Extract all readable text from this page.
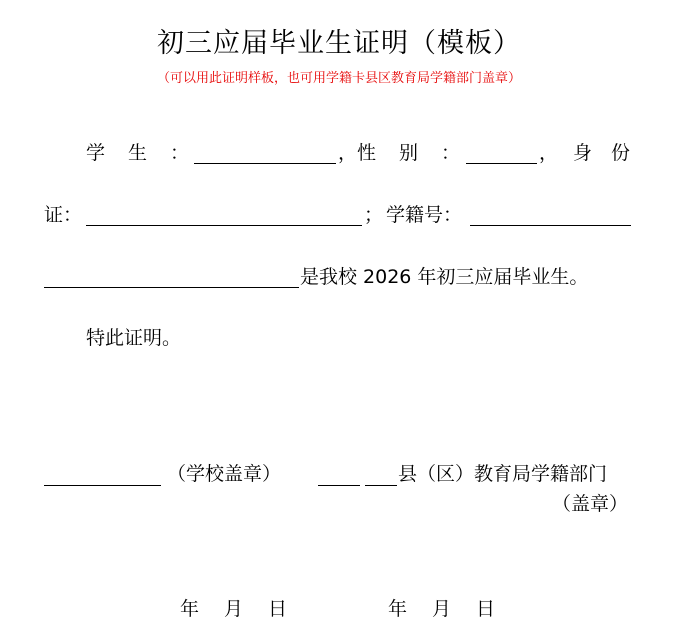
初三应届毕业生证明（模板）
（可以用此证明样板，也可用学籍卡县区教育局学籍部门盖章）
学　生　：	， 性　别　：	， 身　份
证：	； 学籍号：
是我校 2026 年初三应届毕业生。
特此证明。
（学校盖章）	县（区）教育局学籍部门
（盖章）
年　月　日	年　月　日
